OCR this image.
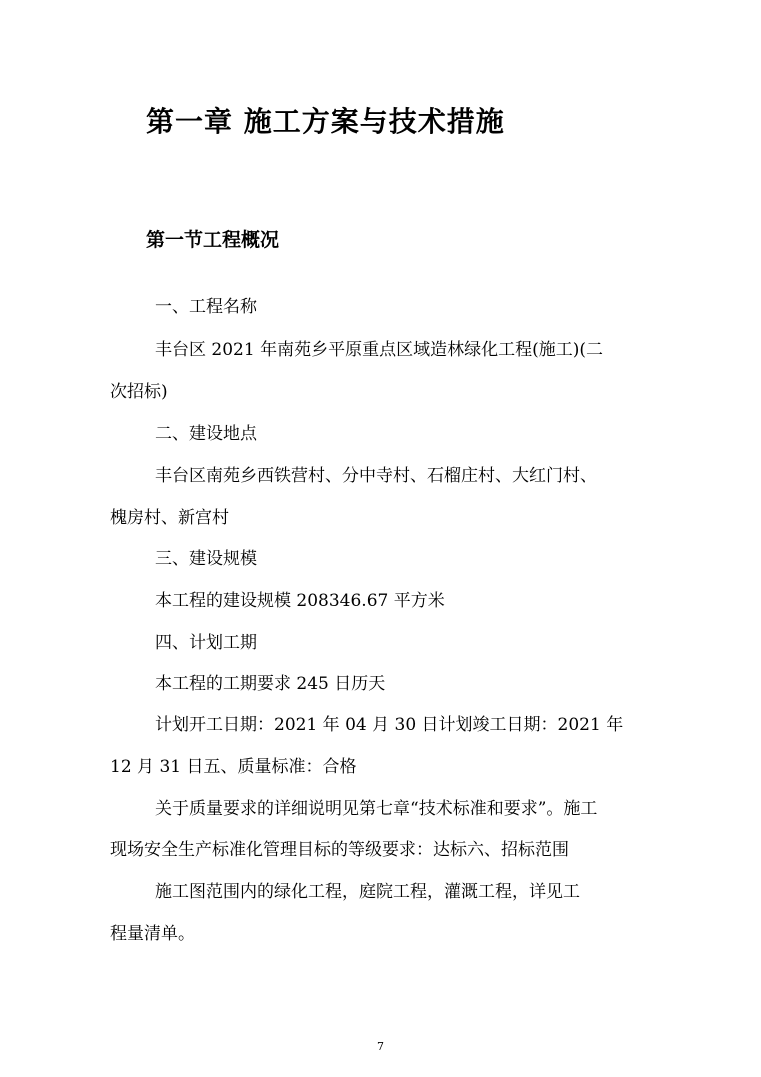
第一章 施工方案与技术措施
第一节工程概况
一、工程名称
丰台区 2021 年南苑乡平原重点区域造林绿化工程(施工)(二
次招标)
二、建设地点
丰台区南苑乡西铁营村、分中寺村、石榴庄村、大红门村、
槐房村、新宫村
三、建设规模
本工程的建设规模 208346.67 平方米
四、计划工期
本工程的工期要求 245 日历天
计划开工日期：2021 年 04 月 30 日计划竣工日期：2021 年
12 月 31 日五、质量标准：合格
关于质量要求的详细说明见第七章“技术标准和要求”。施工
现场安全生产标准化管理目标的等级要求：达标六、招标范围
施工图范围内的绿化工程，庭院工程，灌溉工程，详见工
程量清单。
7
